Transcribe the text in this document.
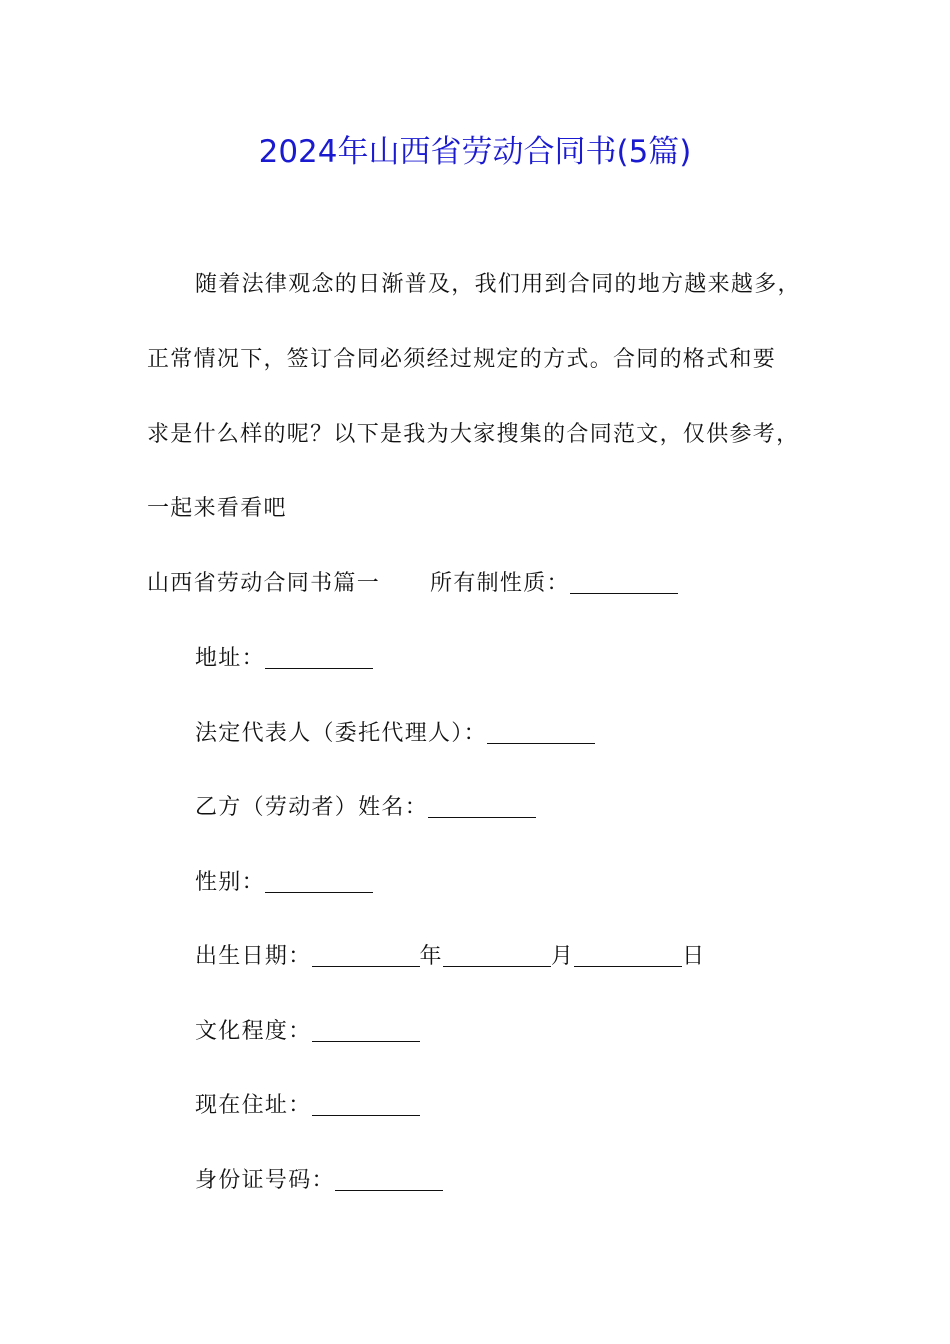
2024年山西省劳动合同书(5篇)
随着法律观念的日渐普及，我们用到合同的地方越来越多，
正常情况下，签订合同必须经过规定的方式。合同的格式和要
求是什么样的呢？以下是我为大家搜集的合同范文，仅供参考，
一起来看看吧
山西省劳动合同书篇一 所有制性质：
地址：
法定代表人（委托代理人）：
乙方（劳动者）姓名：
性别：
出生日期：	年	月	日
文化程度：
现在住址：
身份证号码：
